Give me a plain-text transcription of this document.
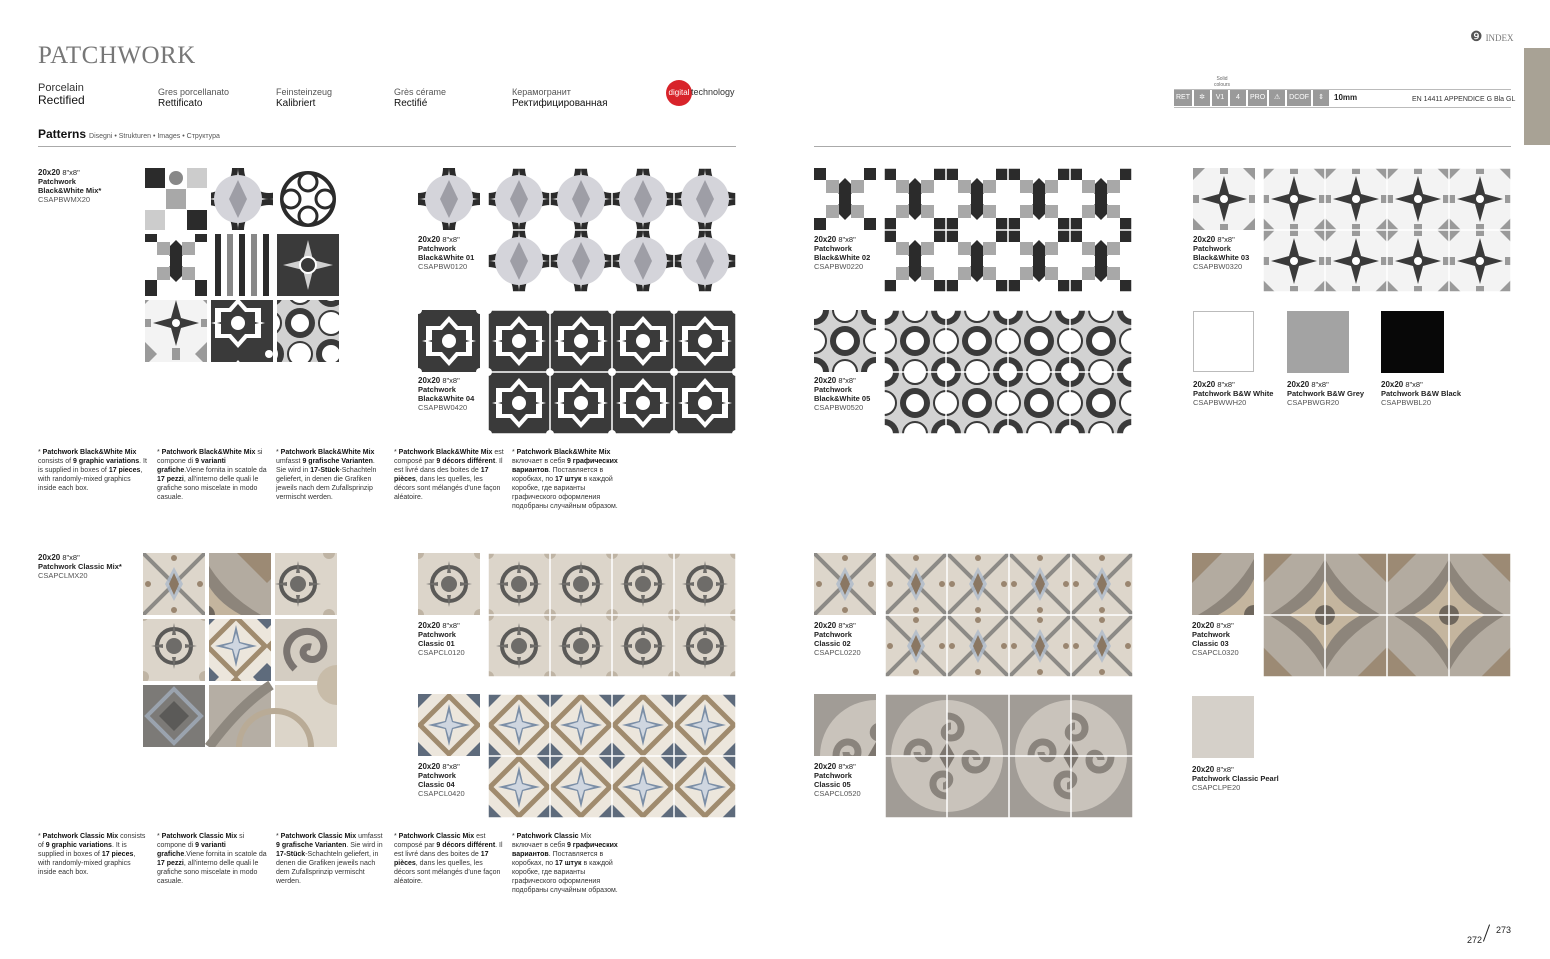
PATCHWORK
Porcelain
Rectified
Gres porcellanato
Rettificato
Feinsteinzeug
Kalibriert
Grès cérame
Rectifié
Керамогранит
Ректифицированная
digital technology
Patterns Disegni • Strukturen • Images • Структура
❾ INDEX
Solid colours
RET	✲	V1	4	PRO	⚠	DCOF	⇕	10mm	EN 14411 APPENDICE G Bla GL
20x20 8"x8"
Patchwork
Black&White Mix*
CSAPBWMX20
20x20 8"x8"
Patchwork
Black&White 01
CSAPBW0120
20x20 8"x8"
Patchwork
Black&White 04
CSAPBW0420
20x20 8"x8"
Patchwork
Black&White 02
CSAPBW0220
20x20 8"x8"
Patchwork
Black&White 05
CSAPBW0520
20x20 8"x8"
Patchwork
Black&White 03
CSAPBW0320
20x20 8"x8"
Patchwork B&W White
CSAPBWWH20
20x20 8"x8"
Patchwork B&W Grey
CSAPBWGR20
20x20 8"x8"
Patchwork B&W Black
CSAPBWBL20
* Patchwork Black&White Mix consists of 9 graphic variations. It is supplied in boxes of 17 pieces, with randomly-mixed graphics inside each box.
* Patchwork Black&White Mix si compone di 9 varianti grafiche.Viene fornita in scatole da 17 pezzi, all'interno delle quali le grafiche sono miscelate in modo casuale.
* Patchwork Black&White Mix umfasst 9 grafische Varianten. Sie wird in 17-Stück-Schachteln geliefert, in denen die Grafiken jeweils nach dem Zufallsprinzip vermischt werden.
* Patchwork Black&White Mix est composé par 9 décors différent. Il est livré dans des boites de 17 pièces, dans les quelles, les décors sont mélangés d'une façon aléatoire.
* Patchwork Black&White Mix включает в себя 9 графических вариантов. Поставляется в коробках, по 17 штук в каждой коробке, где варианты графического оформления подобраны случайным образом.
20x20 8"x8"
Patchwork Classic Mix*
CSAPCLMX20
20x20 8"x8"
Patchwork
Classic 01
CSAPCL0120
20x20 8"x8"
Patchwork
Classic 04
CSAPCL0420
20x20 8"x8"
Patchwork
Classic 02
CSAPCL0220
20x20 8"x8"
Patchwork
Classic 05
CSAPCL0520
20x20 8"x8"
Patchwork
Classic 03
CSAPCL0320
20x20 8"x8"
Patchwork Classic Pearl
CSAPCLPE20
* Patchwork Classic Mix consists of 9 graphic variations. It is supplied in boxes of 17 pieces, with randomly-mixed graphics inside each box.
* Patchwork Classic Mix si compone di 9 varianti grafiche.Viene fornita in scatole da 17 pezzi, all'interno delle quali le grafiche sono miscelate in modo casuale.
* Patchwork Classic Mix umfasst 9 grafische Varianten. Sie wird in 17-Stück-Schachteln geliefert, in denen die Grafiken jeweils nach dem Zufallsprinzip vermischt werden.
* Patchwork Classic Mix est composé par 9 décors différent. Il est livré dans des boites de 17 pièces, dans les quelles, les décors sont mélangés d'une façon aléatoire.
* Patchwork Classic Mix включает в себя 9 графических вариантов. Поставляется в коробках, по 17 штук в каждой коробке, где варианты графического оформления подобраны случайным образом.
272
273
